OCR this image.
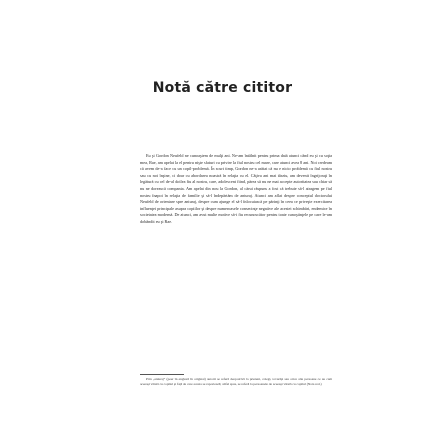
Notă către cititor
Eu şi Gordon Neufeld ne cunoaştem de mulţi ani. Ne-am întâlnit pentru prima dată atunci când eu şi cu soţia mea, Rae, am apelat la el pentru nişte sfaturi cu privire la fiul nostru cel mare, care atunci avea 8 ani. Noi credeam că avem de-a face cu un copil-problemă. În scurt timp, Gordon ne-a arătat că nu e nicio problemă cu fiul nostru sau cu noi înşine, ci doar cu abordarea noastră în relaţia cu el. Câţiva ani mai târziu, am devenit îngrijoraţi în legătură cu cel de-al doilea fiu al nostru, care, adolescent fiind, părea să nu ne mai accepte autoritatea sau chiar să nu ne dorească compania. Am apelat din nou la Gordon, al cărui răspuns a fost că trebuie să-l atragem pe fiul nostru înapoi în relaţia de familie şi să-l îndepărtăm de anturaj. Atunci am aflat despre conceptul doctorului Neufeld de orientare spre anturaj, despre cum ajunge el să-l înlocuiască pe părinţi în ceea ce priveşte exercitarea influenţei principale asupra copiilor şi despre numeroasele consecinţe negative ale acestei schimbări, endemice în societatea modernă. De atunci, am avut multe motive să-i fiu recunoscător pentru toate cunoştinţele pe care le-am dobândit eu şi Rae.
Prin „anturaj” (peer în engleză în original) autorii se referă deopotrivă la prieteni, colegi, tovarăşi sau orice alte persoane ce au cam aceeaşi vârstă cu copilul şi faţă de care acesta se raportează; altfel spus, se referă la persoanele de aceeaşi vârstă cu copilul (Nota red.)
